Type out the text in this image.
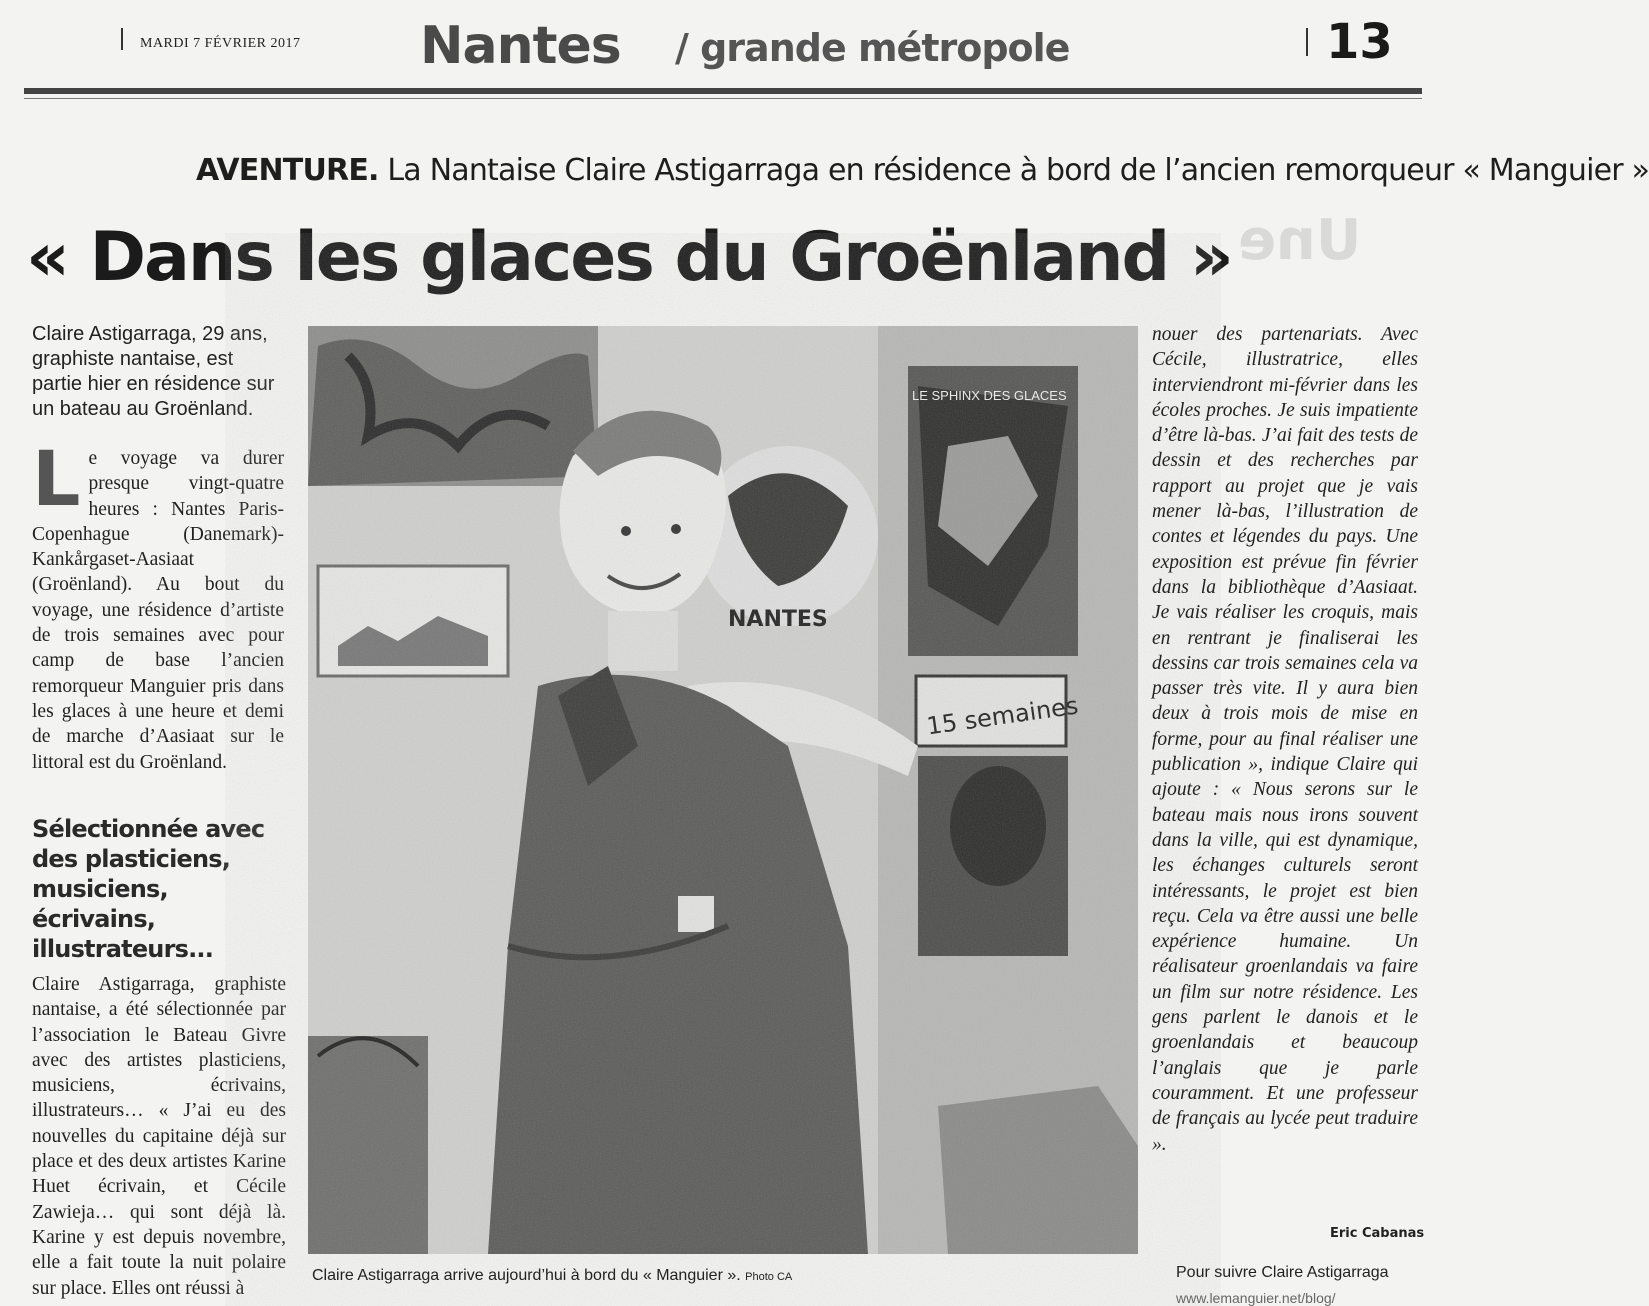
MARDI 7 FÉVRIER 2017 Nantes / grande métropole	13
AVENTURE. La Nantaise Claire Astigarraga en résidence à bord de l’ancien remorqueur « Manguier »
« Dans les glaces du Groënland » Une
Claire Astigarraga, 29 ans, graphiste nantaise, est partie hier en résidence sur un bateau au Groënland.
Le voyage va durer presque vingt-quatre heures : Nantes Paris-Copenhague (Danemark)-Kankårgaset-Aasiaat (Groënland). Au bout du voyage, une résidence d’artiste de trois semaines avec pour camp de base l’ancien remorqueur Manguier pris dans les glaces à une heure et demi de marche d’Aasiaat sur le littoral est du Groënland.
Sélectionnée avec des plasticiens, musiciens, écrivains, illustrateurs...
Claire Astigarraga, graphiste nantaise, a été sélectionnée par l’association le Bateau Givre avec des artistes plasticiens, musiciens, écrivains, illustrateurs… « J’ai eu des nouvelles du capitaine déjà sur place et des deux artistes Karine Huet écrivain, et Cécile Zawieja… qui sont déjà là. Karine y est depuis novembre, elle a fait toute la nuit polaire sur place. Elles ont réussi à
Claire Astigarraga arrive aujourd’hui à bord du « Manguier ». Photo CA
nouer des partenariats. Avec Cécile, illustratrice, elles interviendront mi-février dans les écoles proches. Je suis impatiente d’être là-bas. J’ai fait des tests de dessin et des recherches par rapport au projet que je vais mener là-bas, l’illustration de contes et légendes du pays. Une exposition est prévue fin février dans la bibliothèque d’Aasiaat. Je vais réaliser les croquis, mais en rentrant je finaliserai les dessins car trois semaines cela va passer très vite. Il y aura bien deux à trois mois de mise en forme, pour au final réaliser une publication », indique Claire qui ajoute : « Nous serons sur le bateau mais nous irons souvent dans la ville, qui est dynamique, les échanges culturels seront intéressants, le projet est bien reçu. Cela va être aussi une belle expérience humaine. Un réalisateur groenlandais va faire un film sur notre résidence. Les gens parlent le danois et le groenlandais et beaucoup l’anglais que je parle couramment. Et une professeur de français au lycée peut traduire ».
Eric Cabanas
Pour suivre Claire Astigarraga
www.lemanguier.net/blog/
